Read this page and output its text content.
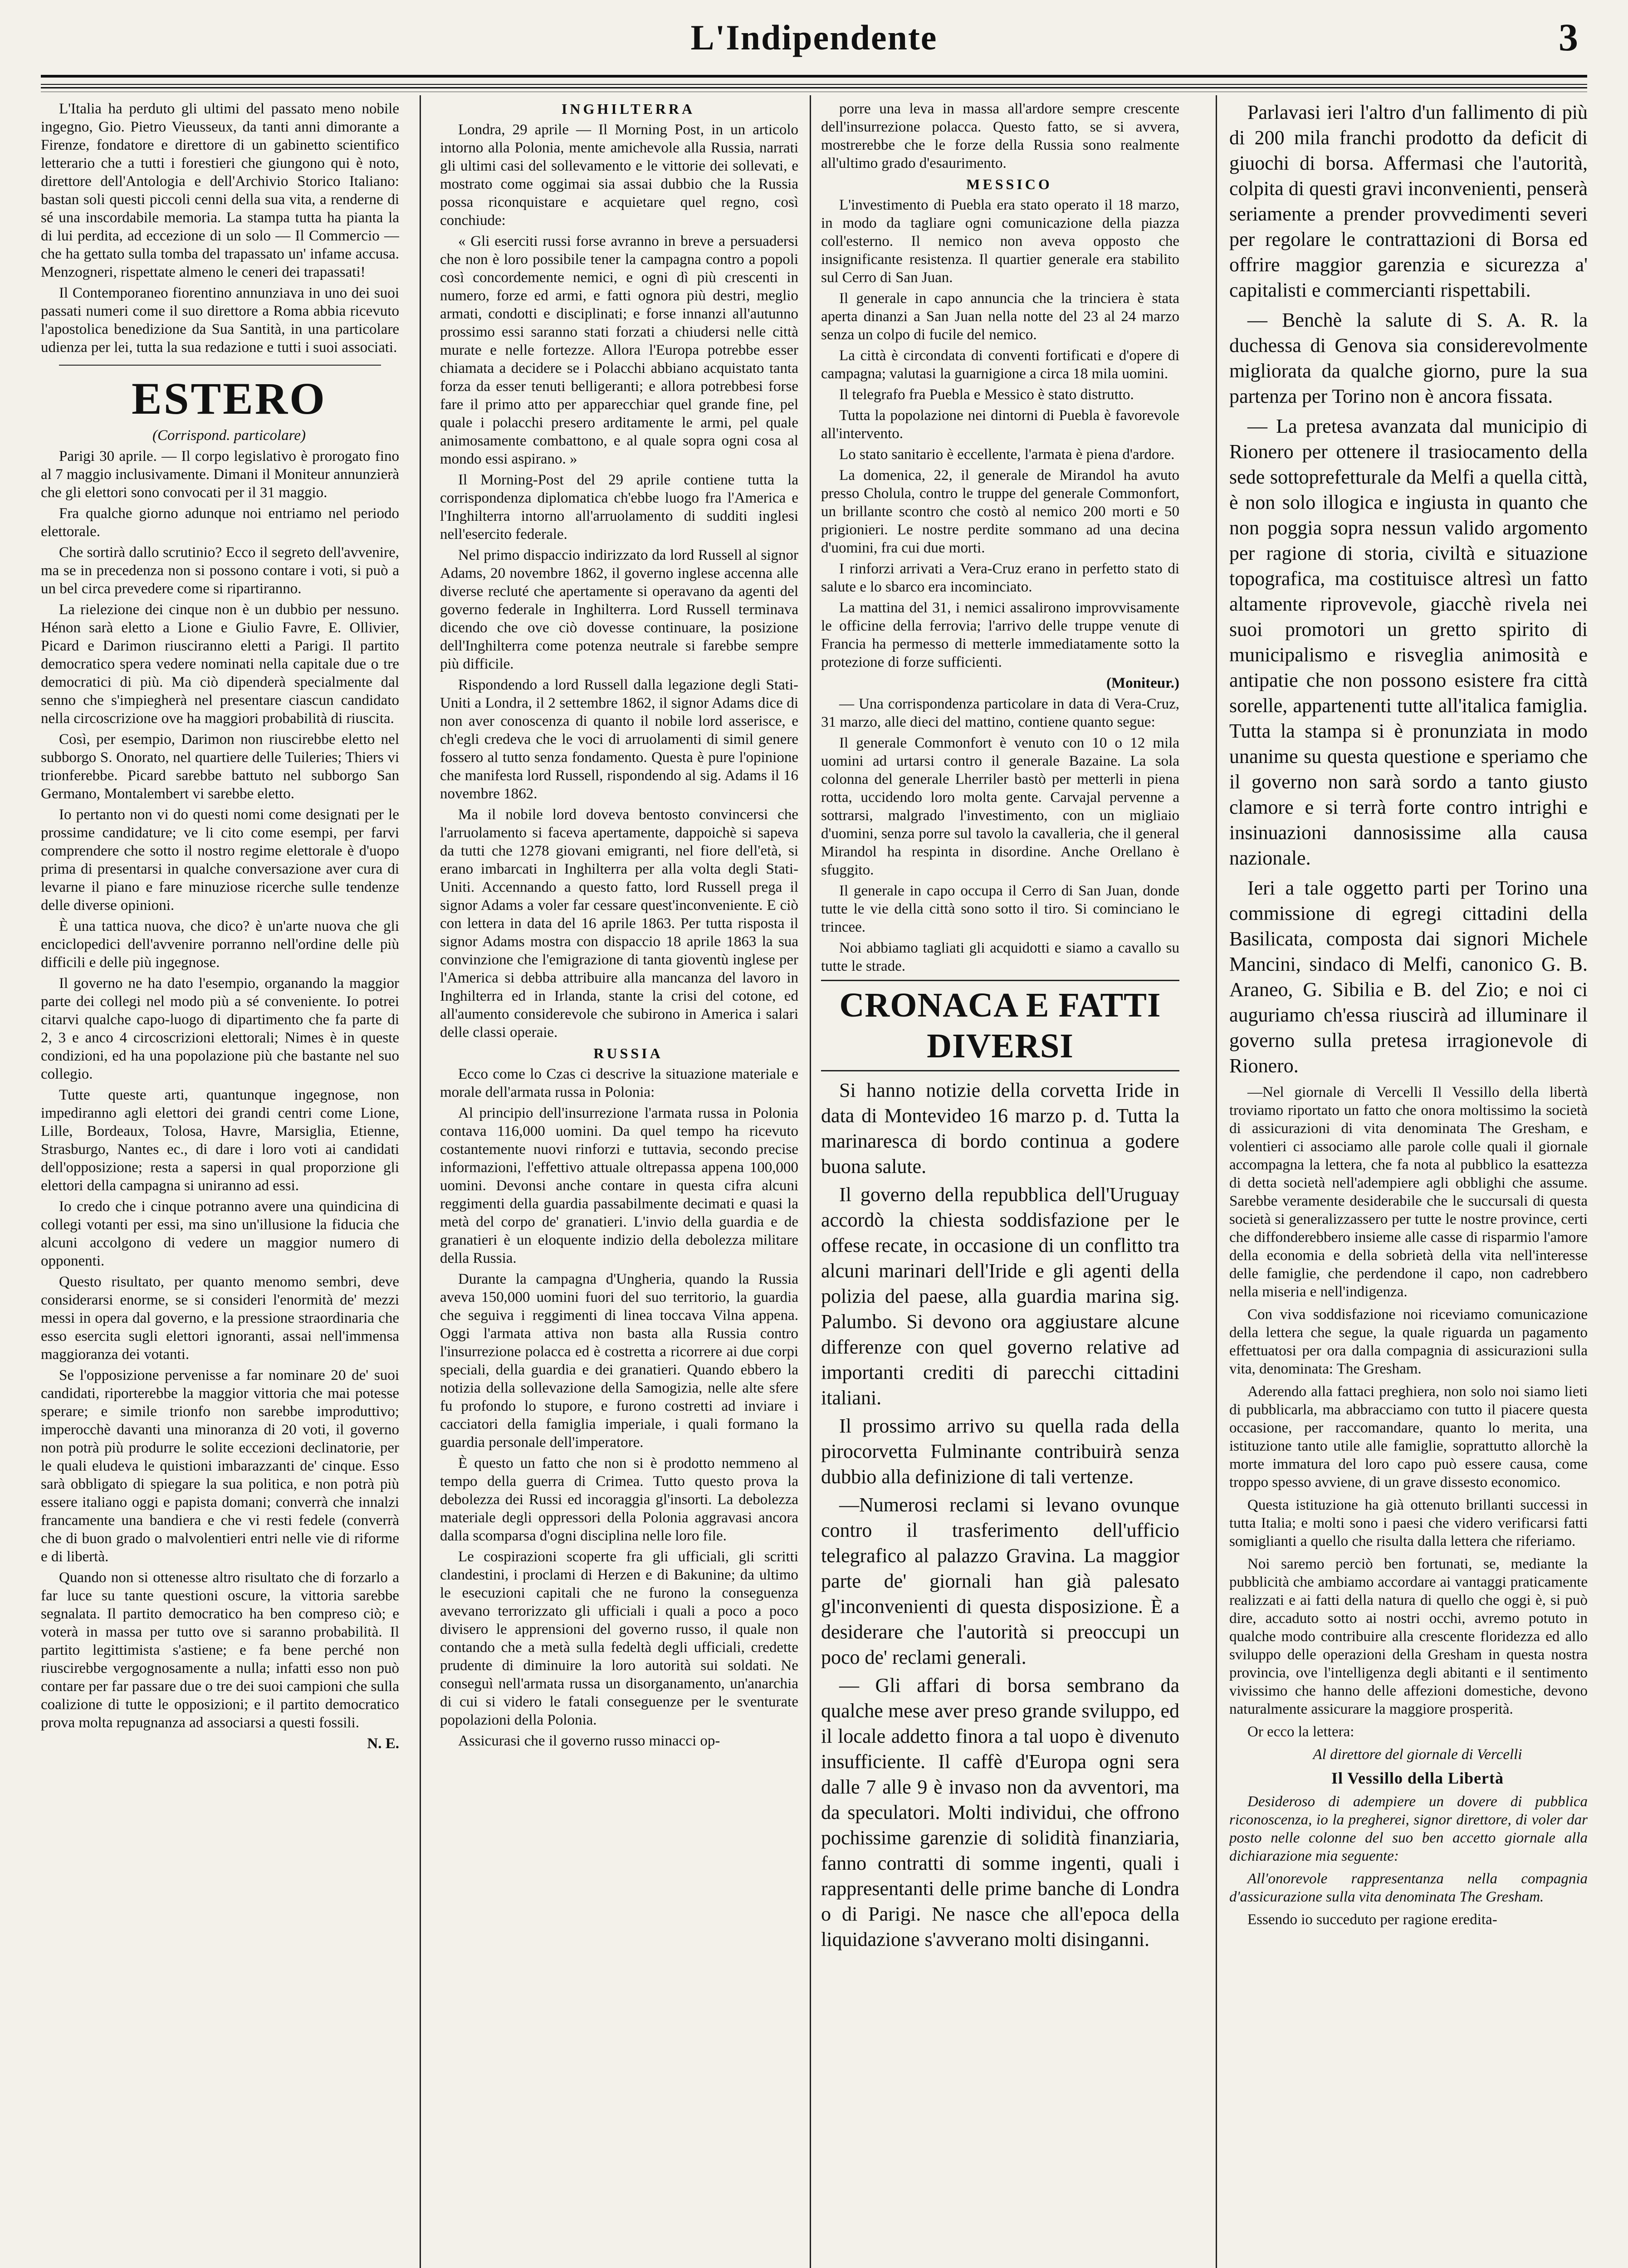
L'Indipendente	3

L'Italia ha perduto gli ultimi del passato meno nobile ingegno, Gio. Pietro Vieusseux, da tanti anni dimorante a Firenze, fondatore e direttore di un gabinetto scientifico letterario che a tutti i forestieri che giungono qui è noto, direttore dell'Antologia e dell'Archivio Storico Italiano: bastan soli questi piccoli cenni della sua vita, a renderne di sé una inscordabile memoria. La stampa tutta ha pianta la di lui perdita, ad eccezione di un solo — Il Commercio — che ha gettato sulla tomba del trapassato un' infame accusa. Menzogneri, rispettate almeno le ceneri dei trapassati!

Il Contemporaneo fiorentino annunziava in uno dei suoi passati numeri come il suo direttore a Roma abbia ricevuto l'apostolica benedizione da Sua Santità, in una particolare udienza per lei, tutta la sua redazione e tutti i suoi associati.

ESTERO

(Corrispond. particolare)

Parigi 30 aprile. — Il corpo legislativo è prorogato fino al 7 maggio inclusivamente. Dimani il Moniteur annunzierà che gli elettori sono convocati per il 31 maggio.

Fra qualche giorno adunque noi entriamo nel periodo elettorale.

Che sortirà dallo scrutinio? Ecco il segreto dell'avvenire, ma se in precedenza non si possono contare i voti, si può a un bel circa prevedere come si ripartiranno.

La rielezione dei cinque non è un dubbio per nessuno. Hénon sarà eletto a Lione e Giulio Favre, E. Ollivier, Picard e Darimon riusciranno eletti a Parigi. Il partito democratico spera vedere nominati nella capitale due o tre democratici di più. Ma ciò dipenderà specialmente dal senno che s'impiegherà nel presentare ciascun candidato nella circoscrizione ove ha maggiori probabilità di riuscita.

Così, per esempio, Darimon non riuscirebbe eletto nel subborgo S. Onorato, nel quartiere delle Tuileries; Thiers vi trionferebbe. Picard sarebbe battuto nel subborgo San Germano, Montalembert vi sarebbe eletto.

Io pertanto non vi do questi nomi come designati per le prossime candidature; ve li cito come esempi, per farvi comprendere che sotto il nostro regime elettorale è d'uopo prima di presentarsi in qualche conversazione aver cura di levarne il piano e fare minuziose ricerche sulle tendenze delle diverse opinioni.

È una tattica nuova, che dico? è un'arte nuova che gli enciclopedici dell'avvenire porranno nell'ordine delle più difficili e delle più ingegnose.

Il governo ne ha dato l'esempio, organando la maggior parte dei collegi nel modo più a sé conveniente. Io potrei citarvi qualche capo-luogo di dipartimento che fa parte di 2, 3 e anco 4 circoscrizioni elettorali; Nimes è in queste condizioni, ed ha una popolazione più che bastante nel suo collegio.

Tutte queste arti, quantunque ingegnose, non impediranno agli elettori dei grandi centri come Lione, Lille, Bordeaux, Tolosa, Havre, Marsiglia, Etienne, Strasburgo, Nantes ec., di dare i loro voti ai candidati dell'opposizione; resta a sapersi in qual proporzione gli elettori della campagna si uniranno ad essi.

Io credo che i cinque potranno avere una quindicina di collegi votanti per essi, ma sino un'illusione la fiducia che alcuni accolgono di vedere un maggior numero di opponenti.

Questo risultato, per quanto menomo sembri, deve considerarsi enorme, se si consideri l'enormità de' mezzi messi in opera dal governo, e la pressione straordinaria che esso esercita sugli elettori ignoranti, assai nell'immensa maggioranza dei votanti.

Se l'opposizione pervenisse a far nominare 20 de' suoi candidati, riporterebbe la maggior vittoria che mai potesse sperare; e simile trionfo non sarebbe improduttivo; imperocchè davanti una minoranza di 20 voti, il governo non potrà più produrre le solite eccezioni declinatorie, per le quali eludeva le quistioni imbarazzanti de' cinque. Esso sarà obbligato di spiegare la sua politica, e non potrà più essere italiano oggi e papista domani; converrà che innalzi francamente una bandiera e che vi resti fedele (converrà che di buon grado o malvolentieri entri nelle vie di riforme e di libertà.

Quando non si ottenesse altro risultato che di forzarlo a far luce su tante questioni oscure, la vittoria sarebbe segnalata. Il partito democratico ha ben compreso ciò; e voterà in massa per tutto ove si saranno probabilità. Il partito legittimista s'astiene; e fa bene perché non riuscirebbe vergognosamente a nulla; infatti esso non può contare per far passare due o tre dei suoi campioni che sulla coalizione di tutte le opposizioni; e il partito democratico prova molta repugnanza ad associarsi a questi fossili.

N. E.

INGHILTERRA

Londra, 29 aprile — Il Morning Post, in un articolo intorno alla Polonia, mente amichevole alla Russia, narrati gli ultimi casi del sollevamento e le vittorie dei sollevati, e mostrato come oggimai sia assai dubbio che la Russia possa riconquistare e acquietare quel regno, così conchiude:

« Gli eserciti russi forse avranno in breve a persuadersi che non è loro possibile tener la campagna contro a popoli così concordemente nemici, e ogni dì più crescenti in numero, forze ed armi, e fatti ognora più destri, meglio armati, condotti e disciplinati; e forse innanzi all'autunno prossimo essi saranno stati forzati a chiudersi nelle città murate e nelle fortezze. Allora l'Europa potrebbe esser chiamata a decidere se i Polacchi abbiano acquistato tanta forza da esser tenuti belligeranti; e allora potrebbesi forse fare il primo atto per apparecchiar quel grande fine, pel quale i polacchi presero arditamente le armi, pel quale animosamente combattono, e al quale sopra ogni cosa al mondo essi aspirano. »

Il Morning-Post del 29 aprile contiene tutta la corrispondenza diplomatica ch'ebbe luogo fra l'America e l'Inghilterra intorno all'arruolamento di sudditi inglesi nell'esercito federale.

Nel primo dispaccio indirizzato da lord Russell al signor Adams, 20 novembre 1862, il governo inglese accenna alle diverse recluté che apertamente si operavano da agenti del governo federale in Inghilterra. Lord Russell terminava dicendo che ove ciò dovesse continuare, la posizione dell'Inghilterra come potenza neutrale si farebbe sempre più difficile.

Rispondendo a lord Russell dalla legazione degli Stati-Uniti a Londra, il 2 settembre 1862, il signor Adams dice di non aver conoscenza di quanto il nobile lord asserisce, e ch'egli credeva che le voci di arruolamenti di simil genere fossero al tutto senza fondamento. Questa è pure l'opinione che manifesta lord Russell, rispondendo al sig. Adams il 16 novembre 1862.

Ma il nobile lord doveva bentosto convincersi che l'arruolamento si faceva apertamente, dappoichè si sapeva da tutti che 1278 giovani emigranti, nel fiore dell'età, si erano imbarcati in Inghilterra per alla volta degli Stati-Uniti. Accennando a questo fatto, lord Russell prega il signor Adams a voler far cessare quest'inconveniente. E ciò con lettera in data del 16 aprile 1863. Per tutta risposta il signor Adams mostra con dispaccio 18 aprile 1863 la sua convinzione che l'emigrazione di tanta gioventù inglese per l'America si debba attribuire alla mancanza del lavoro in Inghilterra ed in Irlanda, stante la crisi del cotone, ed all'aumento considerevole che subirono in America i salari delle classi operaie.

RUSSIA

Ecco come lo Czas ci descrive la situazione materiale e morale dell'armata russa in Polonia:

Al principio dell'insurrezione l'armata russa in Polonia contava 116,000 uomini. Da quel tempo ha ricevuto costantemente nuovi rinforzi e tuttavia, secondo precise informazioni, l'effettivo attuale oltrepassa appena 100,000 uomini. Devonsi anche contare in questa cifra alcuni reggimenti della guardia passabilmente decimati e quasi la metà del corpo de' granatieri. L'invio della guardia e de granatieri è un eloquente indizio della debolezza militare della Russia.

Durante la campagna d'Ungheria, quando la Russia aveva 150,000 uomini fuori del suo territorio, la guardia che seguiva i reggimenti di linea toccava Vilna appena. Oggi l'armata attiva non basta alla Russia contro l'insurrezione polacca ed è costretta a ricorrere ai due corpi speciali, della guardia e dei granatieri. Quando ebbero la notizia della sollevazione della Samogizia, nelle alte sfere fu profondo lo stupore, e furono costretti ad inviare i cacciatori della famiglia imperiale, i quali formano la guardia personale dell'imperatore.

È questo un fatto che non si è prodotto nemmeno al tempo della guerra di Crimea. Tutto questo prova la debolezza dei Russi ed incoraggia gl'insorti. La debolezza materiale degli oppressori della Polonia aggravasi ancora dalla scomparsa d'ogni disciplina nelle loro file.

Le cospirazioni scoperte fra gli ufficiali, gli scritti clandestini, i proclami di Herzen e di Bakunine; da ultimo le esecuzioni capitali che ne furono la conseguenza avevano terrorizzato gli ufficiali i quali a poco a poco divisero le apprensioni del governo russo, il quale non contando che a metà sulla fedeltà degli ufficiali, credette prudente di diminuire la loro autorità sui soldati. Ne conseguì nell'armata russa un disorganamento, un'anarchia di cui si videro le fatali conseguenze per le sventurate popolazioni della Polonia.

Assicurasi che il governo russo minacci op-

porre una leva in massa all'ardore sempre crescente dell'insurrezione polacca. Questo fatto, se si avvera, mostrerebbe che le forze della Russia sono realmente all'ultimo grado d'esaurimento.

MESSICO

L'investimento di Puebla era stato operato il 18 marzo, in modo da tagliare ogni comunicazione della piazza coll'esterno. Il nemico non aveva opposto che insignificante resistenza. Il quartier generale era stabilito sul Cerro di San Juan.

Il generale in capo annuncia che la trinciera è stata aperta dinanzi a San Juan nella notte del 23 al 24 marzo senza un colpo di fucile del nemico.

La città è circondata di conventi fortificati e d'opere di campagna; valutasi la guarnigione a circa 18 mila uomini.

Il telegrafo fra Puebla e Messico è stato distrutto.

Tutta la popolazione nei dintorni di Puebla è favorevole all'intervento.

Lo stato sanitario è eccellente, l'armata è piena d'ardore.

La domenica, 22, il generale de Mirandol ha avuto presso Cholula, contro le truppe del generale Commonfort, un brillante scontro che costò al nemico 200 morti e 50 prigionieri. Le nostre perdite sommano ad una decina d'uomini, fra cui due morti.

I rinforzi arrivati a Vera-Cruz erano in perfetto stato di salute e lo sbarco era incominciato.

La mattina del 31, i nemici assalirono improvvisamente le officine della ferrovia; l'arrivo delle truppe venute di Francia ha permesso di metterle immediatamente sotto la protezione di forze sufficienti.

(Moniteur.)

— Una corrispondenza particolare in data di Vera-Cruz, 31 marzo, alle dieci del mattino, contiene quanto segue:

Il generale Commonfort è venuto con 10 o 12 mila uomini ad urtarsi contro il generale Bazaine. La sola colonna del generale Lherriler bastò per metterli in piena rotta, uccidendo loro molta gente. Carvajal pervenne a sottrarsi, malgrado l'investimento, con un migliaio d'uomini, senza porre sul tavolo la cavalleria, che il general Mirandol ha respinta in disordine. Anche Orellano è sfuggito.

Il generale in capo occupa il Cerro di San Juan, donde tutte le vie della città sono sotto il tiro. Si cominciano le trincee.

Noi abbiamo tagliati gli acquidotti e siamo a cavallo su tutte le strade.

CRONACA E FATTI DIVERSI

Si hanno notizie della corvetta Iride in data di Montevideo 16 marzo p. d. Tutta la marinaresca di bordo continua a godere buona salute.

Il governo della repubblica dell'Uruguay accordò la chiesta soddisfazione per le offese recate, in occasione di un conflitto tra alcuni marinari dell'Iride e gli agenti della polizia del paese, alla guardia marina sig. Palumbo. Si devono ora aggiustare alcune differenze con quel governo relative ad importanti crediti di parecchi cittadini italiani.

Il prossimo arrivo su quella rada della pirocorvetta Fulminante contribuirà senza dubbio alla definizione di tali vertenze.

—Numerosi reclami si levano ovunque contro il trasferimento dell'ufficio telegrafico al palazzo Gravina. La maggior parte de' giornali han già palesato gl'inconvenienti di questa disposizione. È a desiderare che l'autorità si preoccupi un poco de' reclami generali.

— Gli affari di borsa sembrano da qualche mese aver preso grande sviluppo, ed il locale addetto finora a tal uopo è divenuto insufficiente. Il caffè d'Europa ogni sera dalle 7 alle 9 è invaso non da avventori, ma da speculatori. Molti individui, che offrono pochissime garenzie di solidità finanziaria, fanno contratti di somme ingenti, quali i rappresentanti delle prime banche di Londra o di Parigi. Ne nasce che all'epoca della liquidazione s'avverano molti disinganni.

Parlavasi ieri l'altro d'un fallimento di più di 200 mila franchi prodotto da deficit di giuochi di borsa. Affermasi che l'autorità, colpita di questi gravi inconvenienti, penserà seriamente a prender provvedimenti severi per regolare le contrattazioni di Borsa ed offrire maggior garenzia e sicurezza a' capitalisti e commercianti rispettabili.

— Benchè la salute di S. A. R. la duchessa di Genova sia considerevolmente migliorata da qualche giorno, pure la sua partenza per Torino non è ancora fissata.

— La pretesa avanzata dal municipio di Rionero per ottenere il trasiocamento della sede sottoprefetturale da Melfi a quella città, è non solo illogica e ingiusta in quanto che non poggia sopra nessun valido argomento per ragione di storia, civiltà e situazione topografica, ma costituisce altresì un fatto altamente riprovevole, giacchè rivela nei suoi promotori un gretto spirito di municipalismo e risveglia animosità e antipatie che non possono esistere fra città sorelle, appartenenti tutte all'italica famiglia. Tutta la stampa si è pronunziata in modo unanime su questa questione e speriamo che il governo non sarà sordo a tanto giusto clamore e si terrà forte contro intrighi e insinuazioni dannosissime alla causa nazionale.

Ieri a tale oggetto parti per Torino una commissione di egregi cittadini della Basilicata, composta dai signori Michele Mancini, sindaco di Melfi, canonico G. B. Araneo, G. Sibilia e B. del Zio; e noi ci auguriamo ch'essa riuscirà ad illuminare il governo sulla pretesa irragionevole di Rionero.

—Nel giornale di Vercelli Il Vessillo della libertà troviamo riportato un fatto che onora moltissimo la società di assicurazioni di vita denominata The Gresham, e volentieri ci associamo alle parole colle quali il giornale accompagna la lettera, che fa nota al pubblico la esattezza di detta società nell'adempiere agli obblighi che assume. Sarebbe veramente desiderabile che le succursali di questa società si generalizzassero per tutte le nostre province, certi che diffonderebbero insieme alle casse di risparmio l'amore della economia e della sobrietà della vita nell'interesse delle famiglie, che perdendone il capo, non cadrebbero nella miseria e nell'indigenza.

Con viva soddisfazione noi riceviamo comunicazione della lettera che segue, la quale riguarda un pagamento effettuatosi per ora dalla compagnia di assicurazioni sulla vita, denominata: The Gresham.

Aderendo alla fattaci preghiera, non solo noi siamo lieti di pubblicarla, ma abbracciamo con tutto il piacere questa occasione, per raccomandare, quanto lo merita, una istituzione tanto utile alle famiglie, soprattutto allorchè la morte immatura del loro capo può essere causa, come troppo spesso avviene, di un grave dissesto economico.

Questa istituzione ha già ottenuto brillanti successi in tutta Italia; e molti sono i paesi che videro verificarsi fatti somiglianti a quello che risulta dalla lettera che riferiamo.

Noi saremo perciò ben fortunati, se, mediante la pubblicità che ambiamo accordare ai vantaggi praticamente realizzati e ai fatti della natura di quello che oggi è, si può dire, accaduto sotto ai nostri occhi, avremo potuto in qualche modo contribuire alla crescente floridezza ed allo sviluppo delle operazioni della Gresham in questa nostra provincia, ove l'intelligenza degli abitanti e il sentimento vivissimo che hanno delle affezioni domestiche, devono naturalmente assicurare la maggiore prosperità.

Or ecco la lettera:

Al direttore del giornale di Vercelli

Il Vessillo della Libertà

Desideroso di adempiere un dovere di pubblica riconoscenza, io la pregherei, signor direttore, di voler dar posto nelle colonne del suo ben accetto giornale alla dichiarazione mia seguente:

All'onorevole rappresentanza nella compagnia d'assicurazione sulla vita denominata The Gresham.

Essendo io succeduto per ragione eredita-
